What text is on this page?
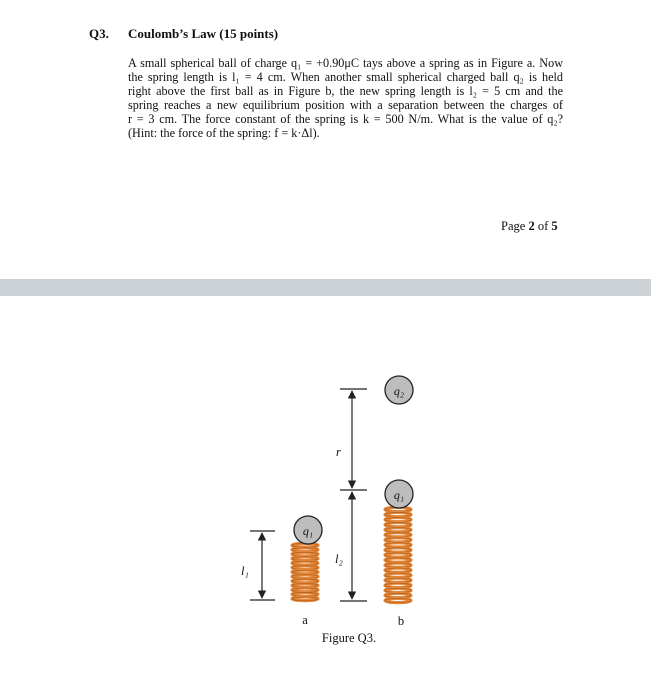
Q3. Coulomb’s Law (15 points)
A small spherical ball of charge q₁ = +0.90μC tays above a spring as in Figure a. Now
the spring length is l₁ = 4 cm. When another small spherical charged ball q₂ is held
right above the first ball as in Figure b, the new spring length is l₂ = 5 cm and the
spring reaches a new equilibrium position with a separation between the charges of
r = 3 cm. The force constant of the spring is k = 500 N/m. What is the value of q₂?
(Hint: the force of the spring: f = k·Δl).
Page 2 of 5
q₁
q₁
q₂
l₁
r
l₂
a	b
Figure Q3.
